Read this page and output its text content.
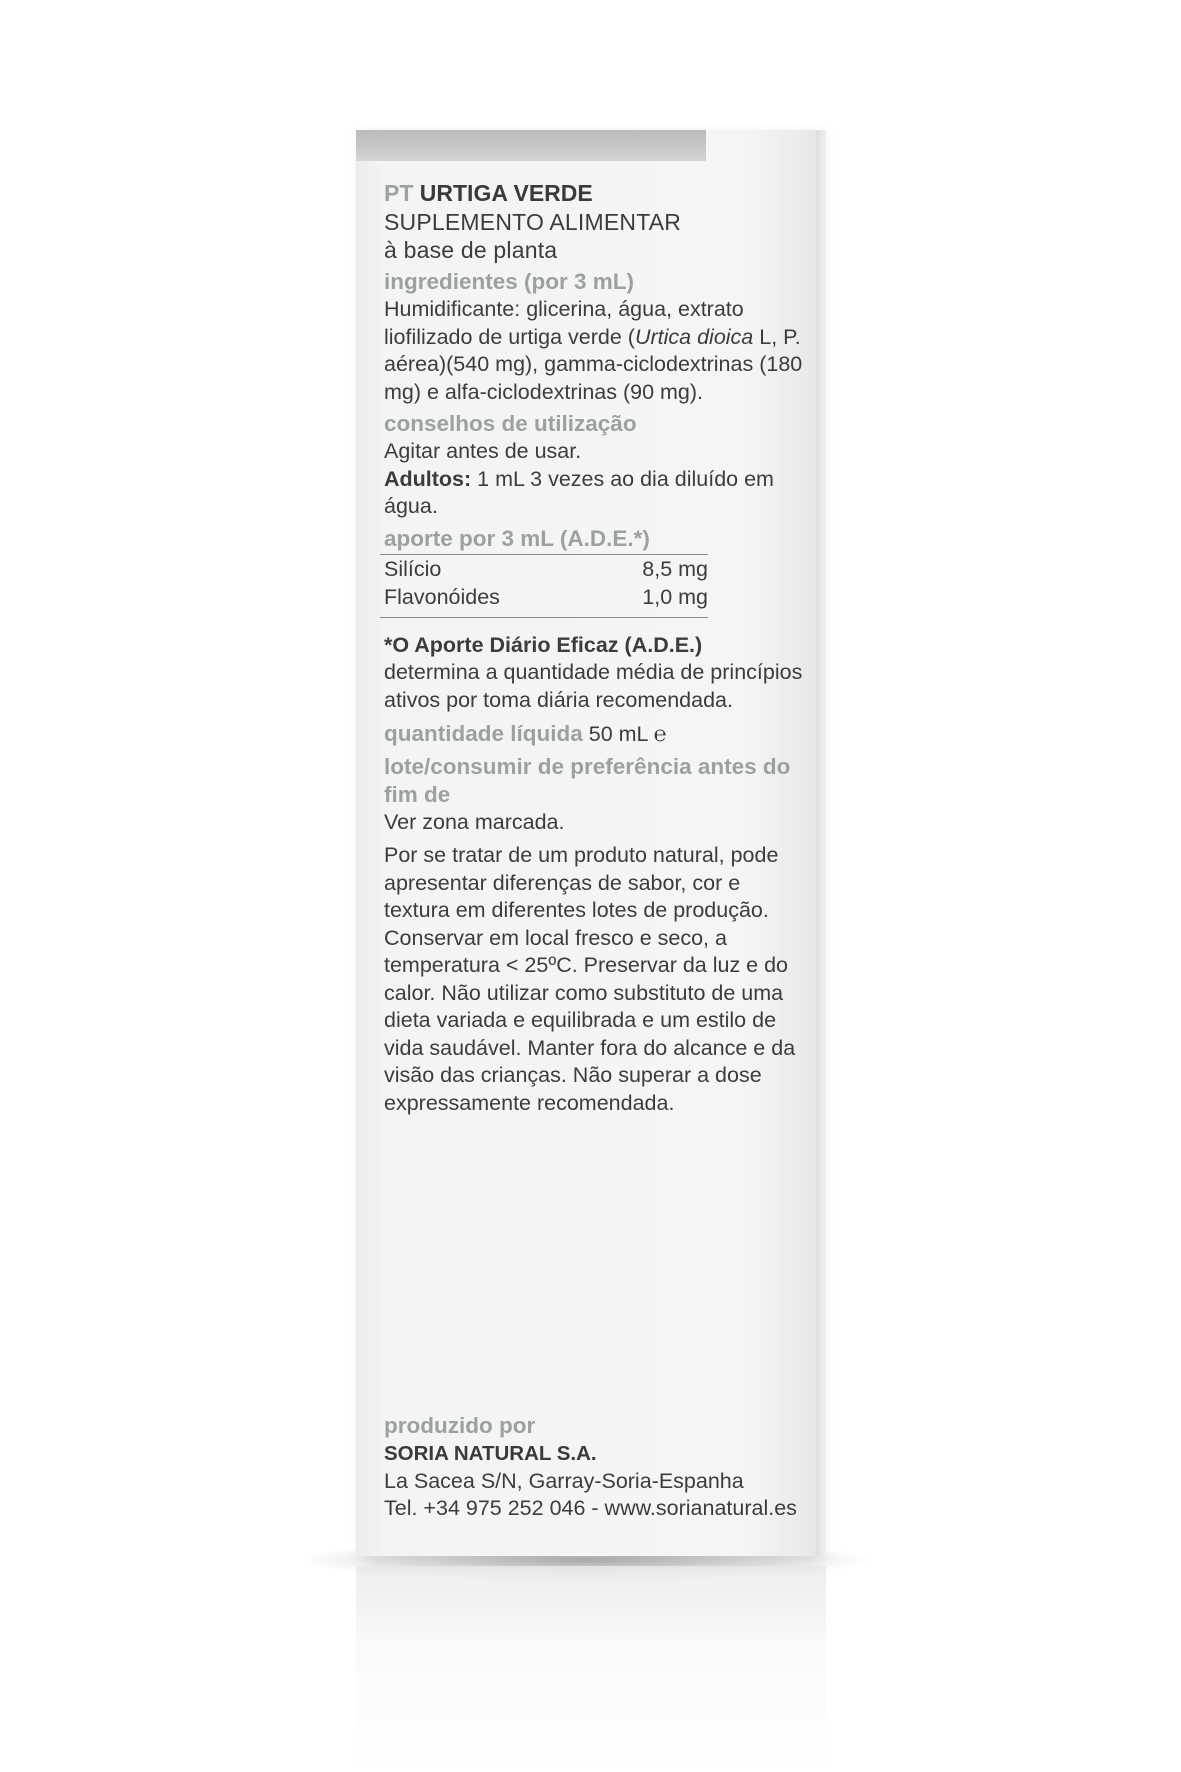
PT URTIGA VERDE
SUPLEMENTO ALIMENTAR
à base de planta
ingredientes (por 3 mL)

Humidificante: glicerina, água, extrato liofilizado de urtiga verde (Urtica dioica L, P. aérea)(540 mg), gamma-ciclodextrinas (180 mg) e alfa-ciclodextrinas (90 mg).

conselhos de utilização

Agitar antes de usar.

Adultos: 1 mL 3 vezes ao dia diluído em água.

aporte por 3 mL (A.D.E.*)
Silício	8,5 mg
Flavonóides	1,0 mg
*O Aporte Diário Eficaz (A.D.E.)
determina a quantidade média de princípios ativos por toma diária recomendada.
quantidade líquida 50 mL ℮
lote/consumir de preferência antes do fim de

Ver zona marcada.

Por se tratar de um produto natural, pode apresentar diferenças de sabor, cor e textura em diferentes lotes de produção. Conservar em local fresco e seco, a temperatura < 25ºC. Preservar da luz e do calor. Não utilizar como substituto de uma dieta variada e equilibrada e um estilo de vida saudável. Manter fora do alcance e da visão das crianças. Não superar a dose expressamente recomendada.

produzido por
SORIA NATURAL S.A.
La Sacea S/N, Garray-Soria-Espanha
Tel. +34 975 252 046 - www.sorianatural.es
